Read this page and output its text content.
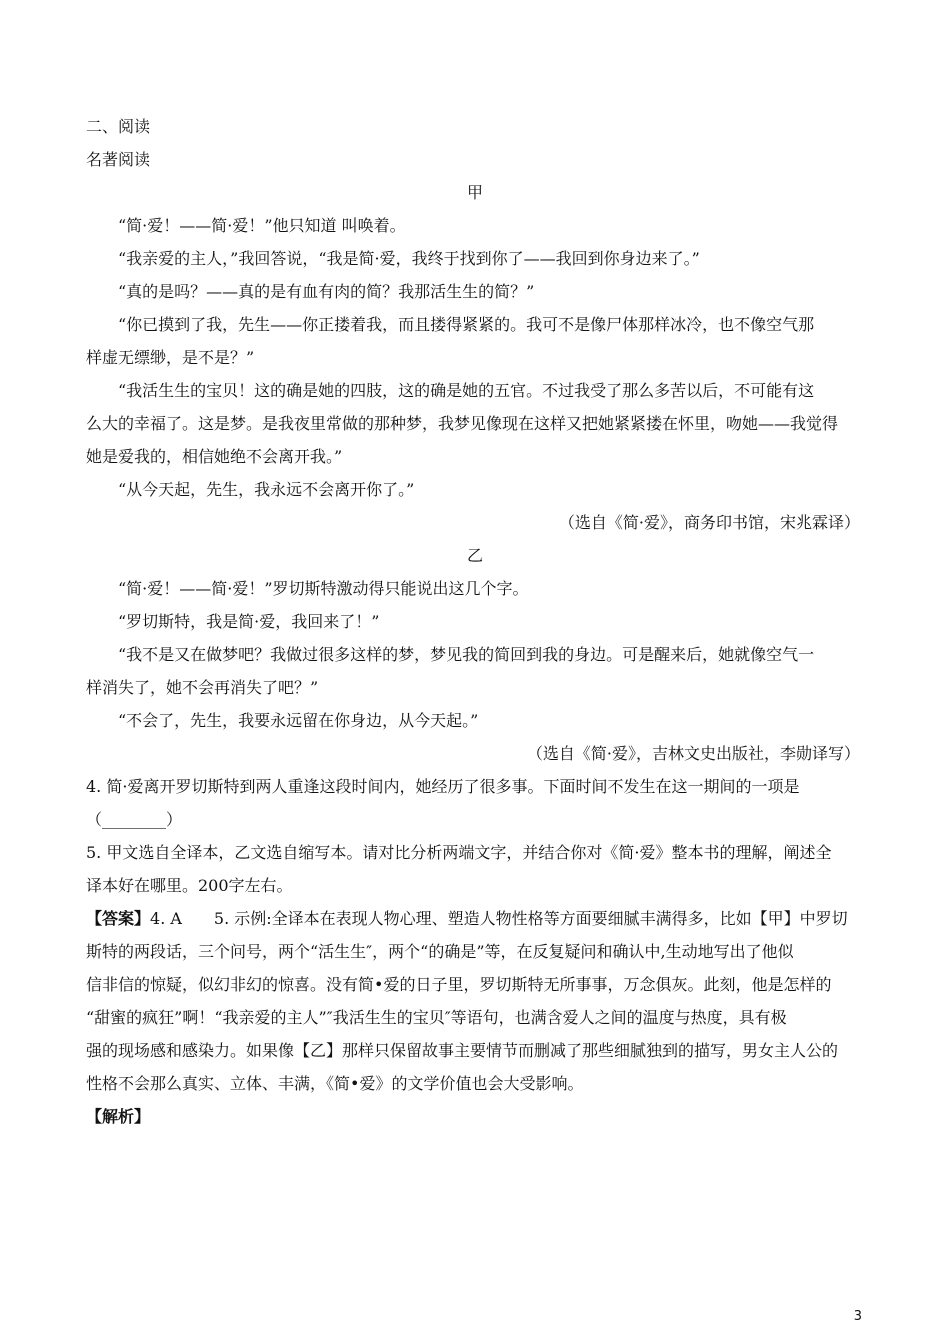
二、阅读
名著阅读
甲
“简·爱！——简·爱！”他只知道 叫唤着。
“我亲爱的主人，”我回答说，“我是简·爱，我终于找到你了——我回到你身边来了。”
“真的是吗？——真的是有血有肉的简？我那活生生的简？”
“你已摸到了我，先生——你正搂着我，而且搂得紧紧的。我可不是像尸体那样冰冷，也不像空气那
样虚无缥缈，是不是？”
“我活生生的宝贝！这的确是她的四肢，这的确是她的五官。不过我受了那么多苦以后，不可能有这
么大的幸福了。这是梦。是我夜里常做的那种梦，我梦见像现在这样又把她紧紧搂在怀里，吻她——我觉得
她是爱我的，相信她绝不会离开我。”
“从今天起，先生，我永远不会离开你了。”
（选自《简·爱》，商务印书馆，宋兆霖译）
乙
“简·爱！——简·爱！”罗切斯特激动得只能说出这几个字。
“罗切斯特，我是简·爱，我回来了！”
“我不是又在做梦吧？我做过很多这样的梦，梦见我的简回到我的身边。可是醒来后，她就像空气一
样消失了，她不会再消失了吧？”
“不会了，先生，我要永远留在你身边，从今天起。”
（选自《简·爱》，吉林文史出版社，李勋译写）
4. 简·爱离开罗切斯特到两人重逢这段时间内，她经历了很多事。下面时间不发生在这一期间的一项是
（________）
5. 甲文选自全译本，乙文选自缩写本。请对比分析两端文字，并结合你对《简·爱》整本书的理解，阐述全
译本好在哪里。200字左右。
【答案】4. A　　5. 示例:全译本在表现人物心理、塑造人物性格等方面要细腻丰满得多，比如【甲】中罗切
斯特的两段话，三个问号，两个“活生生″，两个“的确是”等，在反复疑问和确认中,生动地写出了他似
信非信的惊疑，似幻非幻的惊喜。没有简•爱的日子里，罗切斯特无所事事，万念俱灰。此刻，他是怎样的
“甜蜜的疯狂”啊！“我亲爱的主人”″我活生生的宝贝″等语句，也满含爱人之间的温度与热度，具有极
强的现场感和感染力。如果像【乙】那样只保留故事主要情节而删减了那些细腻独到的描写，男女主人公的
性格不会那么真实、立体、丰满，《简•爱》的文学价值也会大受影响。
【解析】
3
